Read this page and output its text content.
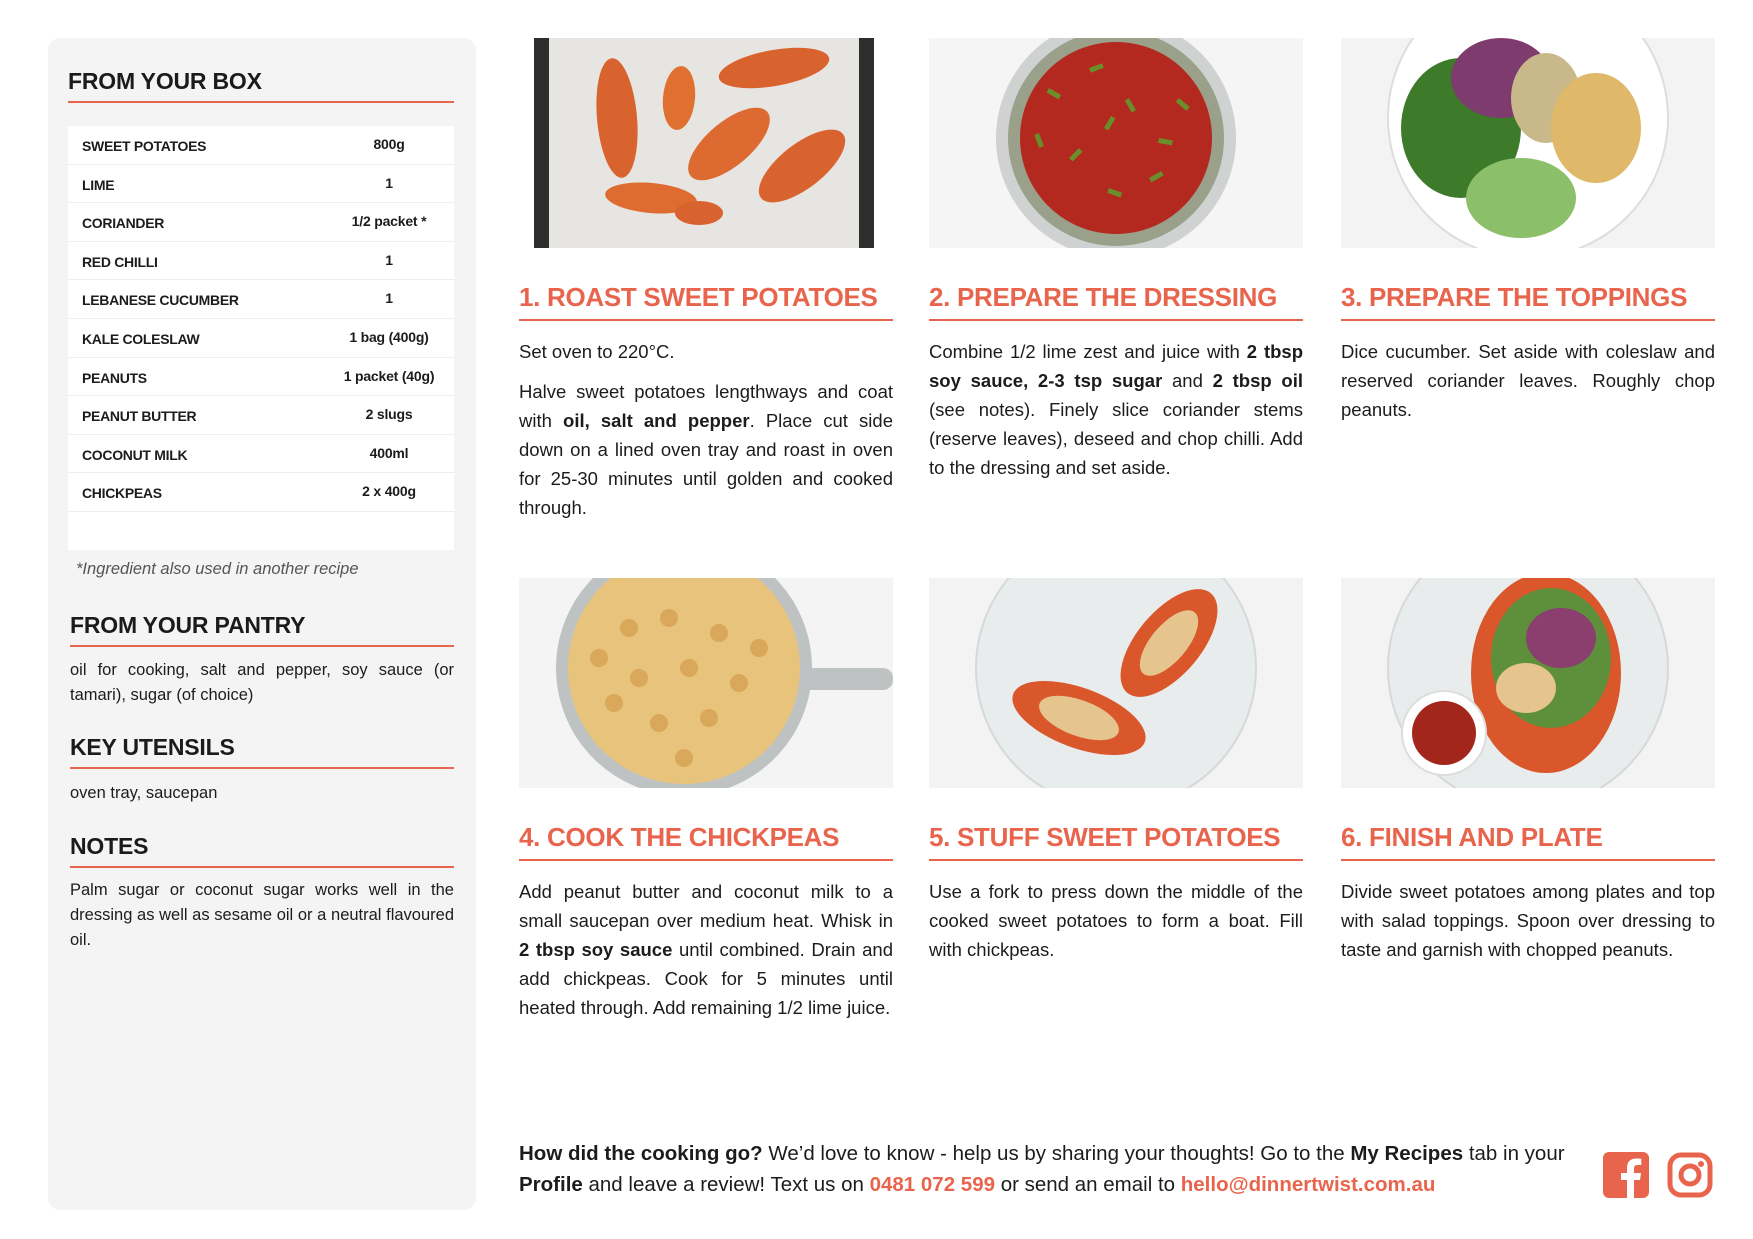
FROM YOUR BOX
SWEET POTATOES	800g
LIME	1
CORIANDER	1/2 packet *
RED CHILLI	1
LEBANESE CUCUMBER	1
KALE COLESLAW	1 bag (400g)
PEANUTS	1 packet (40g)
PEANUT BUTTER	2 slugs
COCONUT MILK	400ml
CHICKPEAS	2 x 400g
*Ingredient also used in another recipe
FROM YOUR PANTRY
oil for cooking, salt and pepper, soy sauce (or tamari), sugar (of choice)
KEY UTENSILS
oven tray, saucepan
NOTES
Palm sugar or coconut sugar works well in the dressing as well as sesame oil or a neutral flavoured oil.
1. ROAST SWEET POTATOES

Set oven to 220°C.

Halve sweet potatoes lengthways and coat with oil, salt and pepper. Place cut side down on a lined oven tray and roast in oven for 25-30 minutes until golden and cooked through.

2. PREPARE THE DRESSING

Combine 1/2 lime zest and juice with 2 tbsp soy sauce, 2-3 tsp sugar and 2 tbsp oil (see notes). Finely slice coriander stems (reserve leaves), deseed and chop chilli. Add to the dressing and set aside.

3. PREPARE THE TOPPINGS
Dice cucumber. Set aside with coleslaw and reserved coriander leaves. Roughly chop peanuts.
4. COOK THE CHICKPEAS

Add peanut butter and coconut milk to a small saucepan over medium heat. Whisk in 2 tbsp soy sauce until combined. Drain and add chickpeas. Cook for 5 minutes until heated through. Add remaining 1/2 lime juice.

5. STUFF SWEET POTATOES
Use a fork to press down the middle of the cooked sweet potatoes to form a boat. Fill with chickpeas.
6. FINISH AND PLATE
Divide sweet potatoes among plates and top with salad toppings. Spoon over dressing to taste and garnish with chopped peanuts.
How did the cooking go? We’d love to know - help us by sharing your thoughts! Go to the My Recipes tab in your Profile and leave a review! Text us on 0481 072 599 or send an email to hello@dinnertwist.com.au
